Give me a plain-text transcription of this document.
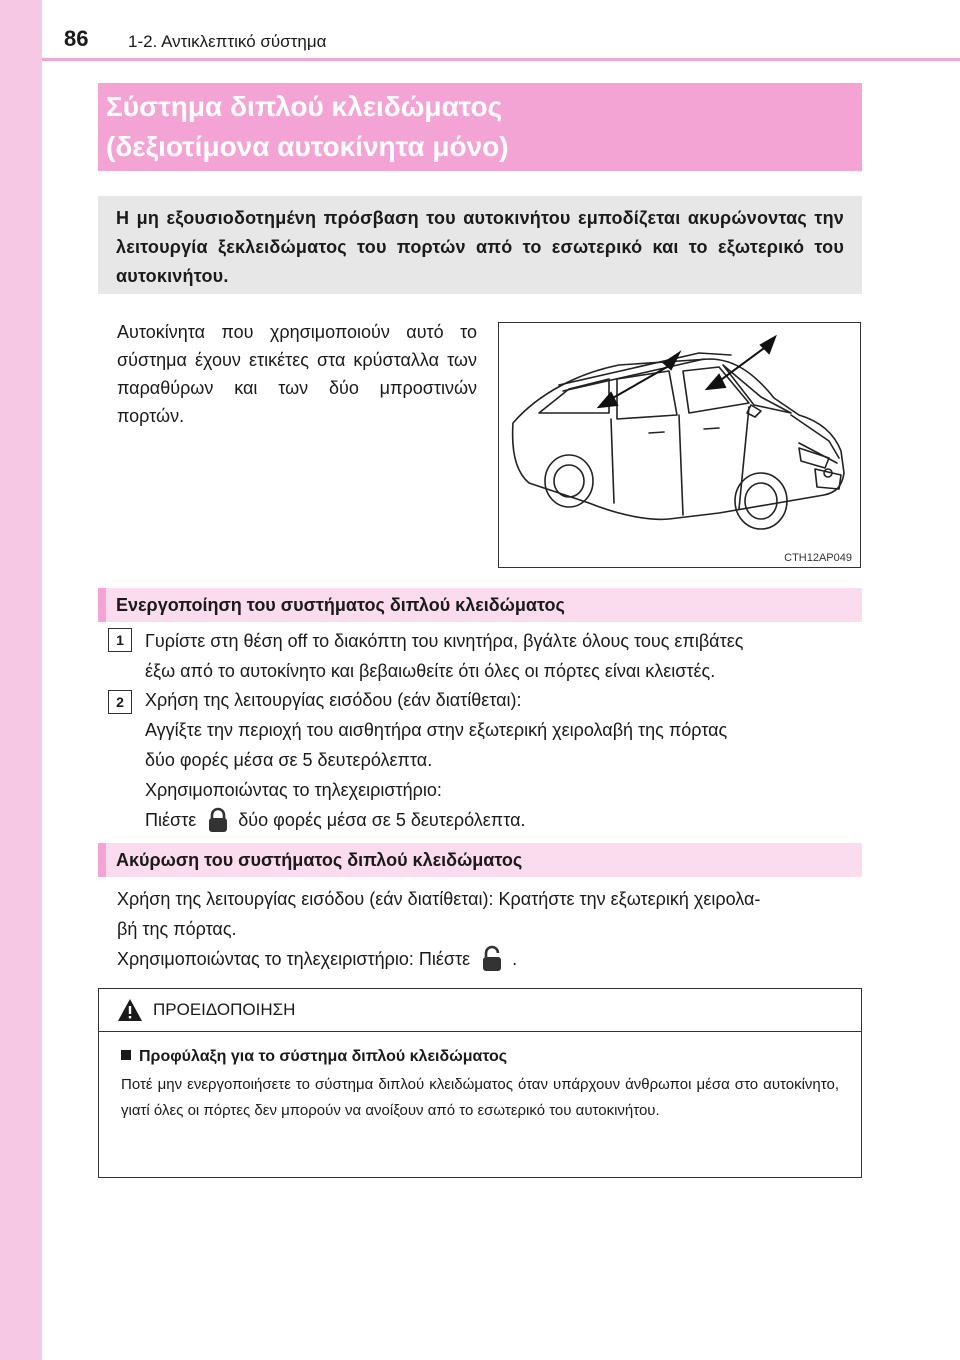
86 1-2. Αντικλεπτικό σύστημα
Σύστημα διπλού κλειδώματος
(δεξιοτίμονα αυτοκίνητα μόνο)
Η μη εξουσιοδοτημένη πρόσβαση του αυτοκινήτου εμποδίζεται ακυρώνοντας την λειτουργία ξεκλειδώματος του πορτών από το εσωτερικό και το εξωτερικό του αυτοκινήτου.
Αυτοκίνητα που χρησιμοποιούν αυτό το σύστημα έχουν ετικέτες στα κρύσταλλα των παραθύρων και των δύο μπροστινών πορτών.
CTH12AP049
Ενεργοποίηση του συστήματος διπλού κλειδώματος
1	Γυρίστε στη θέση off το διακόπτη του κινητήρα, βγάλτε όλους τους επιβάτες
έξω από το αυτοκίνητο και βεβαιωθείτε ότι όλες οι πόρτες είναι κλειστές.
2	Χρήση της λειτουργίας εισόδου (εάν διατίθεται):
Αγγίξτε την περιοχή του αισθητήρα στην εξωτερική χειρολαβή της πόρτας
δύο φορές μέσα σε 5 δευτερόλεπτα.
Χρησιμοποιώντας το τηλεχειριστήριο:
Πιέστε δύο φορές μέσα σε 5 δευτερόλεπτα.
Ακύρωση του συστήματος διπλού κλειδώματος
Χρήση της λειτουργίας εισόδου (εάν διατίθεται): Κρατήστε την εξωτερική χειρολα-
βή της πόρτας.
Χρησιμοποιώντας το τηλεχειριστήριο: Πιέστε .
ΠΡΟΕΙΔΟΠΟΙΗΣΗ
Προφύλαξη για το σύστημα διπλού κλειδώματος
Ποτέ μην ενεργοποιήσετε το σύστημα διπλού κλειδώματος όταν υπάρχουν άνθρωποι μέσα στο αυτοκίνητο, γιατί όλες οι πόρτες δεν μπορούν να ανοίξουν από το εσωτερικό του αυτοκινήτου.
